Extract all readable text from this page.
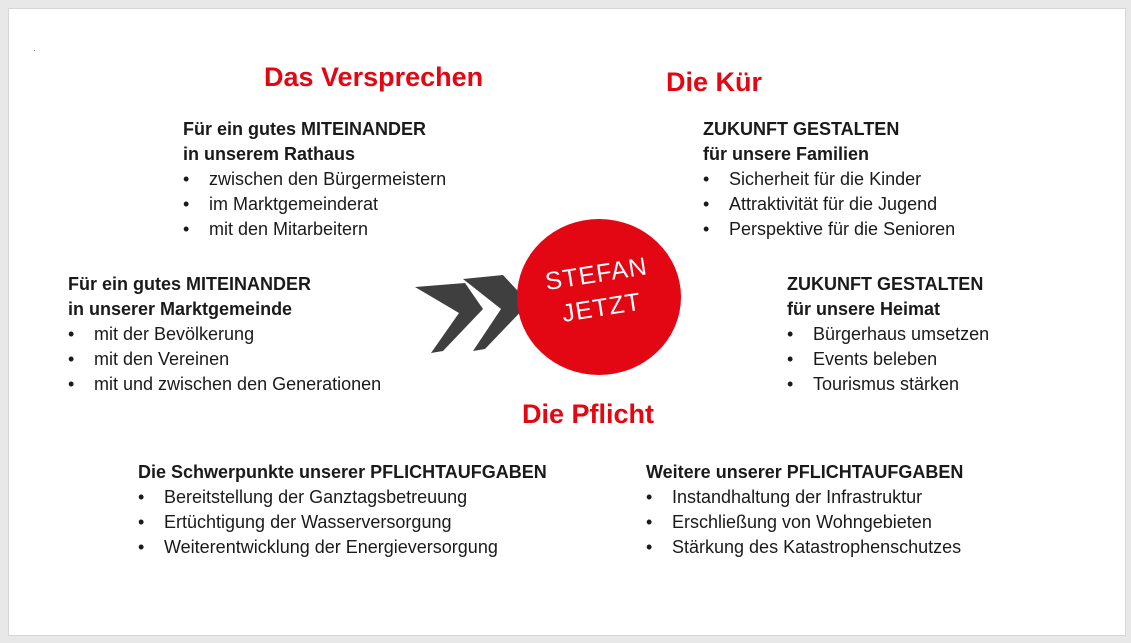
Das Versprechen	Die Kür
Die Pflicht
Für ein gutes MITEINANDER
in unserem Rathaus
• zwischen den Bürgermeistern
• im Marktgemeinderat
• mit den Mitarbeitern
Für ein gutes MITEINANDER
in unserer Marktgemeinde
• mit der Bevölkerung
• mit den Vereinen
• mit und zwischen den Generationen
ZUKUNFT GESTALTEN
für unsere Familien
• Sicherheit für die Kinder
• Attraktivität für die Jugend
• Perspektive für die Senioren
ZUKUNFT GESTALTEN
für unsere Heimat
• Bürgerhaus umsetzen
• Events beleben
• Tourismus stärken
Die Schwerpunkte unserer PFLICHTAUFGABEN
• Bereitstellung der Ganztagsbetreuung
• Ertüchtigung der Wasserversorgung
• Weiterentwicklung der Energieversorgung
Weitere unserer PFLICHTAUFGABEN
• Instandhaltung der Infrastruktur
• Erschließung von Wohngebieten
• Stärkung des Katastrophenschutzes
STEFAN
JETZT
